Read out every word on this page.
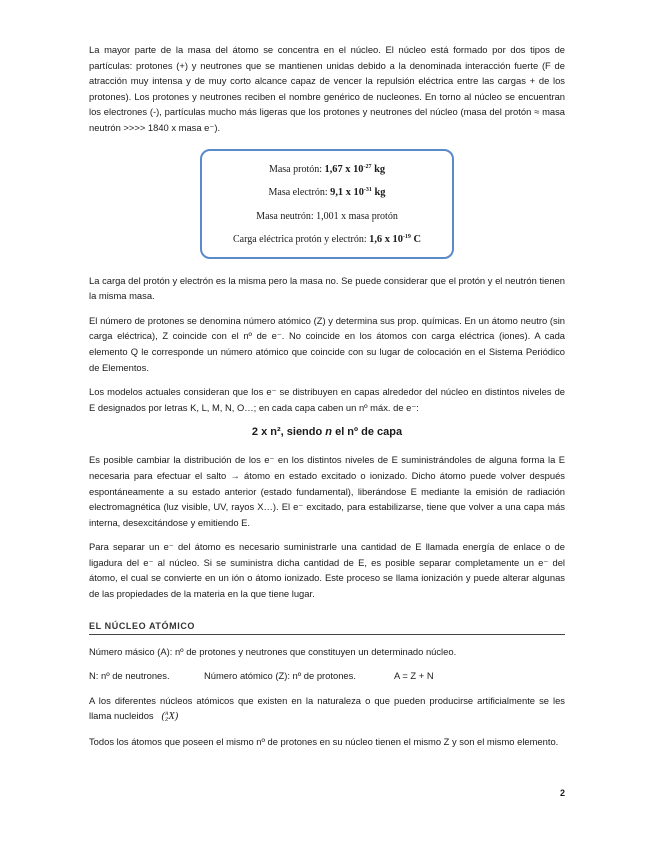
La mayor parte de la masa del átomo se concentra en el núcleo. El núcleo está formado por dos tipos de partículas: protones (+) y neutrones que se mantienen unidas debido a la denominada interacción fuerte (F de atracción muy intensa y de muy corto alcance capaz de vencer la repulsión eléctrica entre las cargas + de los protones). Los protones y neutrones reciben el nombre genérico de nucleones. En torno al núcleo se encuentran los electrones (-), partículas mucho más ligeras que los protones y neutrones del núcleo (masa del protón ≈ masa neutrón >>>> 1840 x masa e⁻).

Masa protón: 1,67 x $10^{-27}$ kg
Masa electrón: 9,1 x $10^{-31}$ kg
Masa neutrón: 1,001 x masa protón
Carga eléctrica protón y electrón: 1,6 x $10^{-19}$ C

La carga del protón y electrón es la misma pero la masa no. Se puede considerar que el protón y el neutrón tienen la misma masa.

El número de protones se denomina número atómico (Z) y determina sus prop. químicas. En un átomo neutro (sin carga eléctrica), Z coincide con el nº de e⁻. No coincide en los átomos con carga eléctrica (iones). A cada elemento Q le corresponde un número atómico que coincide con su lugar de colocación en el Sistema Periódico de Elementos.

Los modelos actuales consideran que los e⁻ se distribuyen en capas alrededor del núcleo en distintos niveles de E designados por letras K, L, M, N, O…; en cada capa caben un nº máx. de e⁻:

2 x n², siendo n el nº de capa

Es posible cambiar la distribución de los e⁻ en los distintos niveles de E suministrándoles de alguna forma la E necesaria para efectuar el salto → átomo en estado excitado o ionizado. Dicho átomo puede volver después espontáneamente a su estado anterior (estado fundamental), liberándose E mediante la emisión de radiación electromagnética (luz visible, UV, rayos X…). El e⁻ excitado, para estabilizarse, tiene que volver a una capa más interna, desexcitándose y emitiendo E.

Para separar un e⁻ del átomo es necesario suministrarle una cantidad de E llamada energía de enlace o de ligadura del e⁻ al núcleo. Si se suministra dicha cantidad de E, es posible separar completamente un e⁻ del átomo, el cual se convierte en un ión o átomo ionizado. Este proceso se llama ionización y puede alterar algunas de las propiedades de la materia en la que tiene lugar.

EL NÚCLEO ATÓMICO

Número másico (A): nº de protones y neutrones que constituyen un determinado núcleo.

N: nº de neutrones.	Número atómico (Z): nº de protones.	A = Z + N

A los diferentes núcleos atómicos que existen en la naturaleza o que pueden producirse artificialmente se les llama nucleidos (A
ZX)

Todos los átomos que poseen el mismo nº de protones en su núcleo tienen el mismo Z y son el mismo elemento.

2
